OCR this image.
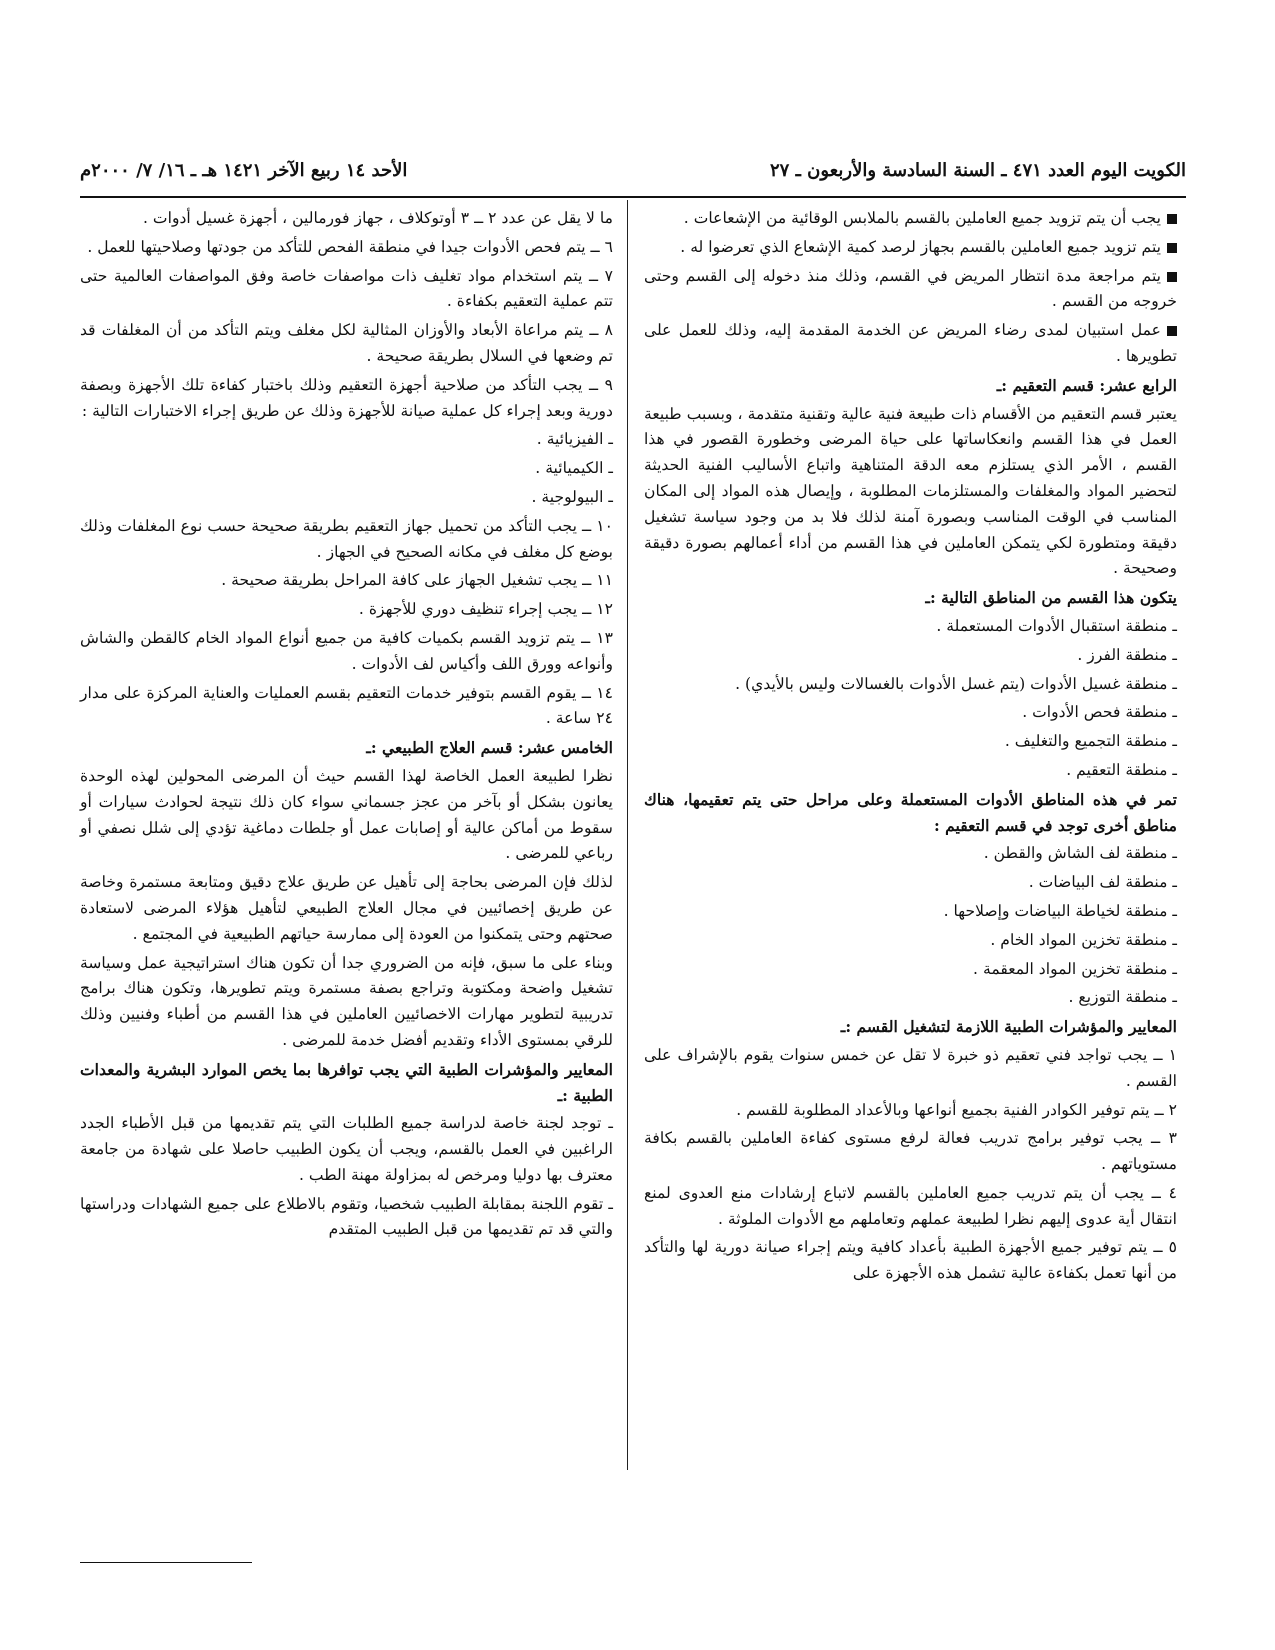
الكويت اليوم العدد ٤٧١ ـ السنة السادسة والأربعون ـ ٢٧
الأحد ١٤ ربيع الآخر ١٤٢١ هـ ـ ١٦/ ٧/ ٢٠٠٠م

يجب أن يتم تزويد جميع العاملين بالقسم بالملابس الوقائية من الإشعاعات .

يتم تزويد جميع العاملين بالقسم بجهاز لرصد كمية الإشعاع الذي تعرضوا له .

يتم مراجعة مدة انتظار المريض في القسم، وذلك منذ دخوله إلى القسم وحتى خروجه من القسم .

عمل استبيان لمدى رضاء المريض عن الخدمة المقدمة إليه، وذلك للعمل على تطويرها .

الرابع عشر: قسم التعقيم :ـ

يعتبر قسم التعقيم من الأقسام ذات طبيعة فنية عالية وتقنية متقدمة ، وبسبب طبيعة العمل في هذا القسم وانعكاساتها على حياة المرضى وخطورة القصور في هذا القسم ، الأمر الذي يستلزم معه الدقة المتناهية واتباع الأساليب الفنية الحديثة لتحضير المواد والمغلفات والمستلزمات المطلوبة ، وإيصال هذه المواد إلى المكان المناسب في الوقت المناسب وبصورة آمنة لذلك فلا بد من وجود سياسة تشغيل دقيقة ومتطورة لكي يتمكن العاملين في هذا القسم من أداء أعمالهم بصورة دقيقة وصحيحة .

يتكون هذا القسم من المناطق التالية :ـ

ـ منطقة استقبال الأدوات المستعملة .

ـ منطقة الفرز .

ـ منطقة غسيل الأدوات (يتم غسل الأدوات بالغسالات وليس بالأيدي) .

ـ منطقة فحص الأدوات .

ـ منطقة التجميع والتغليف .

ـ منطقة التعقيم .

تمر في هذه المناطق الأدوات المستعملة وعلى مراحل حتى يتم تعقيمها، هناك مناطق أخرى توجد في قسم التعقيم :

ـ منطقة لف الشاش والقطن .

ـ منطقة لف البياضات .

ـ منطقة لخياطة البياضات وإصلاحها .

ـ منطقة تخزين المواد الخام .

ـ منطقة تخزين المواد المعقمة .

ـ منطقة التوزيع .

المعايير والمؤشرات الطبية اللازمة لتشغيل القسم :ـ

١ ــ يجب تواجد فني تعقيم ذو خبرة لا تقل عن خمس سنوات يقوم بالإشراف على القسم .

٢ ــ يتم توفير الكوادر الفنية بجميع أنواعها وبالأعداد المطلوبة للقسم .

٣ ــ يجب توفير برامج تدريب فعالة لرفع مستوى كفاءة العاملين بالقسم بكافة مستوياتهم .

٤ ــ يجب أن يتم تدريب جميع العاملين بالقسم لاتباع إرشادات منع العدوى لمنع انتقال أية عدوى إليهم نظرا لطبيعة عملهم وتعاملهم مع الأدوات الملوثة .

٥ ــ يتم توفير جميع الأجهزة الطبية بأعداد كافية ويتم إجراء صيانة دورية لها والتأكد من أنها تعمل بكفاءة عالية تشمل هذه الأجهزة على

ما لا يقل عن عدد ٢ ــ ٣ أوتوكلاف ، جهاز فورمالين ، أجهزة غسيل أدوات .

٦ ــ يتم فحص الأدوات جيدا في منطقة الفحص للتأكد من جودتها وصلاحيتها للعمل .

٧ ــ يتم استخدام مواد تغليف ذات مواصفات خاصة وفق المواصفات العالمية حتى تتم عملية التعقيم بكفاءة .

٨ ــ يتم مراعاة الأبعاد والأوزان المثالية لكل مغلف ويتم التأكد من أن المغلفات قد تم وضعها في السلال بطريقة صحيحة .

٩ ــ يجب التأكد من صلاحية أجهزة التعقيم وذلك باختبار كفاءة تلك الأجهزة وبصفة دورية وبعد إجراء كل عملية صيانة للأجهزة وذلك عن طريق إجراء الاختبارات التالية :

ـ الفيزيائية .

ـ الكيميائية .

ـ البيولوجية .

١٠ ــ يجب التأكد من تحميل جهاز التعقيم بطريقة صحيحة حسب نوع المغلفات وذلك بوضع كل مغلف في مكانه الصحيح في الجهاز .

١١ ــ يجب تشغيل الجهاز على كافة المراحل بطريقة صحيحة .

١٢ ــ يجب إجراء تنظيف دوري للأجهزة .

١٣ ــ يتم تزويد القسم بكميات كافية من جميع أنواع المواد الخام كالقطن والشاش وأنواعه وورق اللف وأكياس لف الأدوات .

١٤ ــ يقوم القسم بتوفير خدمات التعقيم بقسم العمليات والعناية المركزة على مدار ٢٤ ساعة .

الخامس عشر: قسم العلاج الطبيعي :ـ

نظرا لطبيعة العمل الخاصة لهذا القسم حيث أن المرضى المحولين لهذه الوحدة يعانون بشكل أو بآخر من عجز جسماني سواء كان ذلك نتيجة لحوادث سيارات أو سقوط من أماكن عالية أو إصابات عمل أو جلطات دماغية تؤدي إلى شلل نصفي أو رباعي للمرضى .

لذلك فإن المرضى بحاجة إلى تأهيل عن طريق علاج دقيق ومتابعة مستمرة وخاصة عن طريق إخصائيين في مجال العلاج الطبيعي لتأهيل هؤلاء المرضى لاستعادة صحتهم وحتى يتمكنوا من العودة إلى ممارسة حياتهم الطبيعية في المجتمع .

وبناء على ما سبق، فإنه من الضروري جدا أن تكون هناك استراتيجية عمل وسياسة تشغيل واضحة ومكتوبة وتراجع بصفة مستمرة ويتم تطويرها، وتكون هناك برامج تدريبية لتطوير مهارات الاخصائيين العاملين في هذا القسم من أطباء وفنيين وذلك للرقي بمستوى الأداء وتقديم أفضل خدمة للمرضى .

المعايير والمؤشرات الطبية التي يجب توافرها بما يخص الموارد البشرية والمعدات الطبية :ـ

ـ توجد لجنة خاصة لدراسة جميع الطلبات التي يتم تقديمها من قبل الأطباء الجدد الراغبين في العمل بالقسم، ويجب أن يكون الطبيب حاصلا على شهادة من جامعة معترف بها دوليا ومرخص له بمزاولة مهنة الطب .

ـ تقوم اللجنة بمقابلة الطبيب شخصيا، وتقوم بالاطلاع على جميع الشهادات ودراستها والتي قد تم تقديمها من قبل الطبيب المتقدم
